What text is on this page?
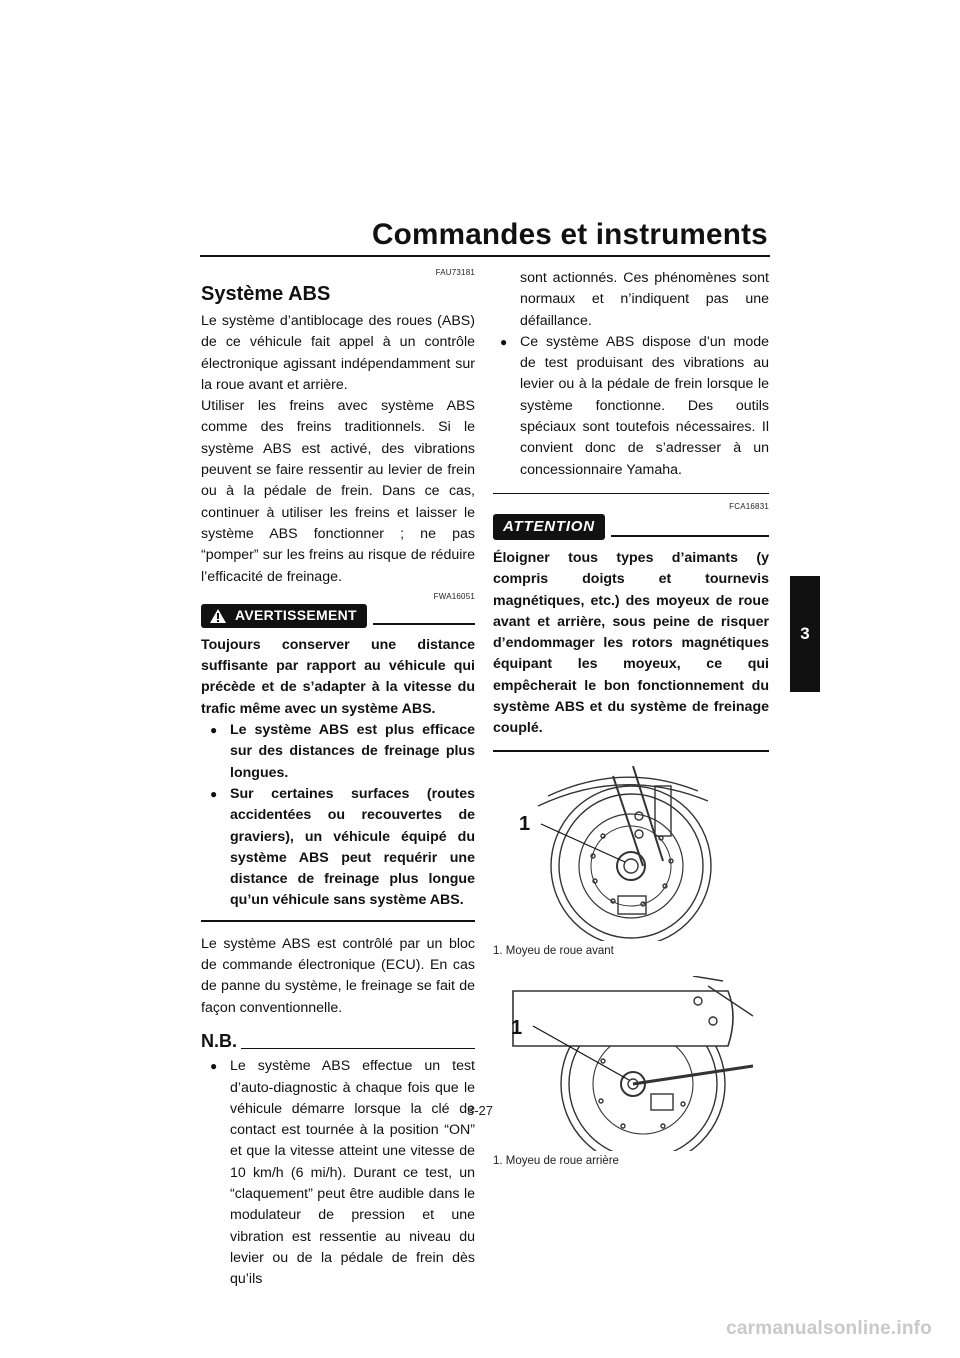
Commandes et instruments
3
FAU73181
Système ABS

Le système d’antiblocage des roues (ABS) de ce véhicule fait appel à un contrôle électronique agissant indépendamment sur la roue avant et arrière.

Utiliser les freins avec système ABS comme des freins traditionnels. Si le système ABS est activé, des vibrations peuvent se faire ressentir au levier de frein ou à la pédale de frein. Dans ce cas, continuer à utiliser les freins et laisser le système ABS fonctionner ; ne pas “pomper” sur les freins au risque de réduire l’efficacité de freinage.

FWA16051
AVERTISSEMENT

Toujours conserver une distance suffisante par rapport au véhicule qui précède et de s’adapter à la vitesse du trafic même avec un système ABS.

● Le système ABS est plus efficace sur des distances de freinage plus longues.
● Sur certaines surfaces (routes accidentées ou recouvertes de graviers), un véhicule équipé du système ABS peut requérir une distance de freinage plus longue qu’un véhicule sans système ABS.

Le système ABS est contrôlé par un bloc de commande électronique (ECU). En cas de panne du système, le freinage se fait de façon conventionnelle.

N.B.
● Le système ABS effectue un test d’auto-diagnostic à chaque fois que le véhicule démarre lorsque la clé de contact est tournée à la position “ON” et que la vitesse atteint une vitesse de 10 km/h (6 mi/h). Durant ce test, un “claquement” peut être audible dans le modulateur de pression et une vibration est ressentie au niveau du levier ou de la pédale de frein dès qu’ils

sont actionnés. Ces phénomènes sont normaux et n’indiquent pas une défaillance.

● Ce système ABS dispose d’un mode de test produisant des vibrations au levier ou à la pédale de frein lorsque le système fonctionne. Des outils spéciaux sont toutefois nécessaires. Il convient donc de s’adresser à un concessionnaire Yamaha.
FCA16831
ATTENTION

Éloigner tous types d’aimants (y compris doigts et tournevis magnétiques, etc.) des moyeux de roue avant et arrière, sous peine de risquer d’endommager les rotors magnétiques équipant les moyeux, ce qui empêcherait le bon fonctionnement du système ABS et du système de freinage couplé.

1

1. Moyeu de roue avant

1

1. Moyeu de roue arrière

3-27
carmanualsonline.info
